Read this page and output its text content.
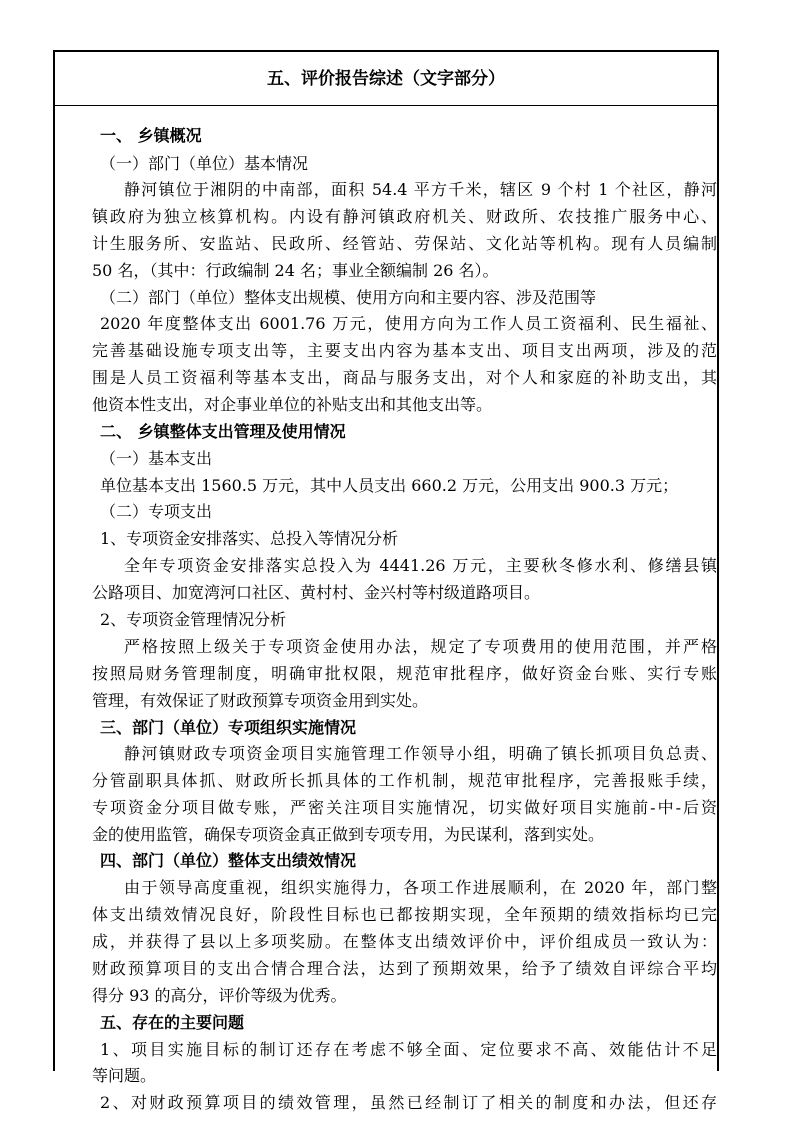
五、评价报告综述（文字部分）
一、 乡镇概况
（一）部门（单位）基本情况
静河镇位于湘阴的中南部，面积 54.4 平方千米，辖区 9 个村 1 个社区，静河
镇政府为独立核算机构。内设有静河镇政府机关、财政所、农技推广服务中心、
计生服务所、安监站、民政所、经管站、劳保站、文化站等机构。现有人员编制
50 名，（其中：行政编制 24 名；事业全额编制 26 名）。
（二）部门（单位）整体支出规模、使用方向和主要内容、涉及范围等
2020 年度整体支出 6001.76 万元，使用方向为工作人员工资福利、民生福祉、
完善基础设施专项支出等，主要支出内容为基本支出、项目支出两项，涉及的范
围是人员工资福利等基本支出，商品与服务支出，对个人和家庭的补助支出，其
他资本性支出，对企事业单位的补贴支出和其他支出等。
二、 乡镇整体支出管理及使用情况
（一）基本支出
单位基本支出 1560.5 万元，其中人员支出 660.2 万元，公用支出 900.3 万元；
（二）专项支出
1、专项资金安排落实、总投入等情况分析
全年专项资金安排落实总投入为 4441.26 万元，主要秋冬修水利、修缮县镇
公路项目、加宽湾河口社区、黄村村、金兴村等村级道路项目。
2、专项资金管理情况分析
严格按照上级关于专项资金使用办法，规定了专项费用的使用范围，并严格
按照局财务管理制度，明确审批权限，规范审批程序，做好资金台账、实行专账
管理，有效保证了财政预算专项资金用到实处。
三、部门（单位）专项组织实施情况
静河镇财政专项资金项目实施管理工作领导小组，明确了镇长抓项目负总责、
分管副职具体抓、财政所长抓具体的工作机制，规范审批程序，完善报账手续，
专项资金分项目做专账，严密关注项目实施情况，切实做好项目实施前-中-后资
金的使用监管，确保专项资金真正做到专项专用，为民谋利，落到实处。
四、部门（单位）整体支出绩效情况
由于领导高度重视，组织实施得力，各项工作进展顺利，在 2020 年，部门整
体支出绩效情况良好，阶段性目标也已都按期实现，全年预期的绩效指标均已完
成，并获得了县以上多项奖励。在整体支出绩效评价中，评价组成员一致认为：
财政预算项目的支出合情合理合法，达到了预期效果，给予了绩效自评综合平均
得分 93 的高分，评价等级为优秀。
五、存在的主要问题
1、项目实施目标的制订还存在考虑不够全面、定位要求不高、效能估计不足
等问题。
2、对财政预算项目的绩效管理，虽然已经制订了相关的制度和办法，但还存
